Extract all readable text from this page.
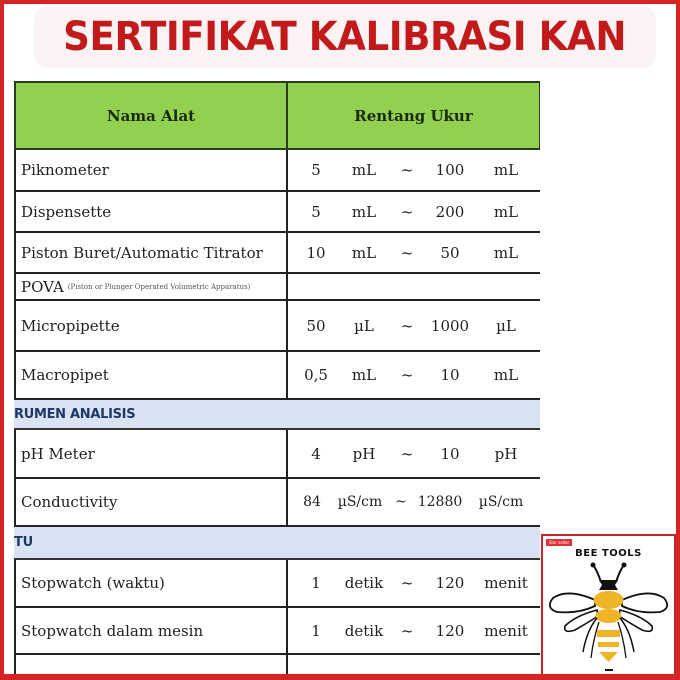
SERTIFIKAT KALIBRASI KAN
Nama Alat	Rentang Ukur
Piknometer	5	mL	~	100	mL
Dispensette	5	mL	~	200	mL
Piston Buret/Automatic Titrator	10	mL	~	50	mL
POVA (Piston or Plunger Operated Volumetric Apparatus)
Micropipette	50	µL	~	1000	µL
Macropipet	0,5	mL	~	10	mL
RUMEN ANALISIS
pH Meter	4	pH	~	10	pH
Conductivity	84	µS/cm ~ 12880	µS/cm
TU
Stopwatch (waktu)	1	detik	~	120	menit
Stopwatch dalam mesin	1	detik	~	120	menit
Star seller
BEE TOOLS
